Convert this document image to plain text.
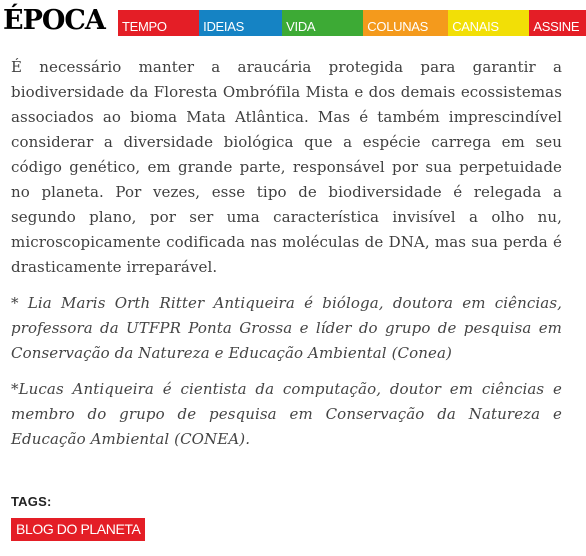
ÉPOCA	TEMPO	IDEIAS	VIDA	COLUNAS	CANAIS	ASSINE

É necessário manter a araucária protegida para garantir a biodiversidade da Floresta Ombrófila Mista e dos demais ecossistemas associados ao bioma Mata Atlântica. Mas é também imprescindível considerar a diversidade biológica que a espécie carrega em seu código genético, em grande parte, responsável por sua perpetuidade no planeta. Por vezes, esse tipo de biodiversidade é relegada a segundo plano, por ser uma característica invisível a olho nu, microscopicamente codificada nas moléculas de DNA, mas sua perda é drasticamente irreparável.

* Lia Maris Orth Ritter Antiqueira é bióloga, doutora em ciências, professora da UTFPR Ponta Grossa e líder do grupo de pesquisa em Conservação da Natureza e Educação Ambiental (Conea)

*Lucas Antiqueira é cientista da computação, doutor em ciências e membro do grupo de pesquisa em Conservação da Natureza e Educação Ambiental (CONEA).

TAGS:
BLOG DO PLANETA
